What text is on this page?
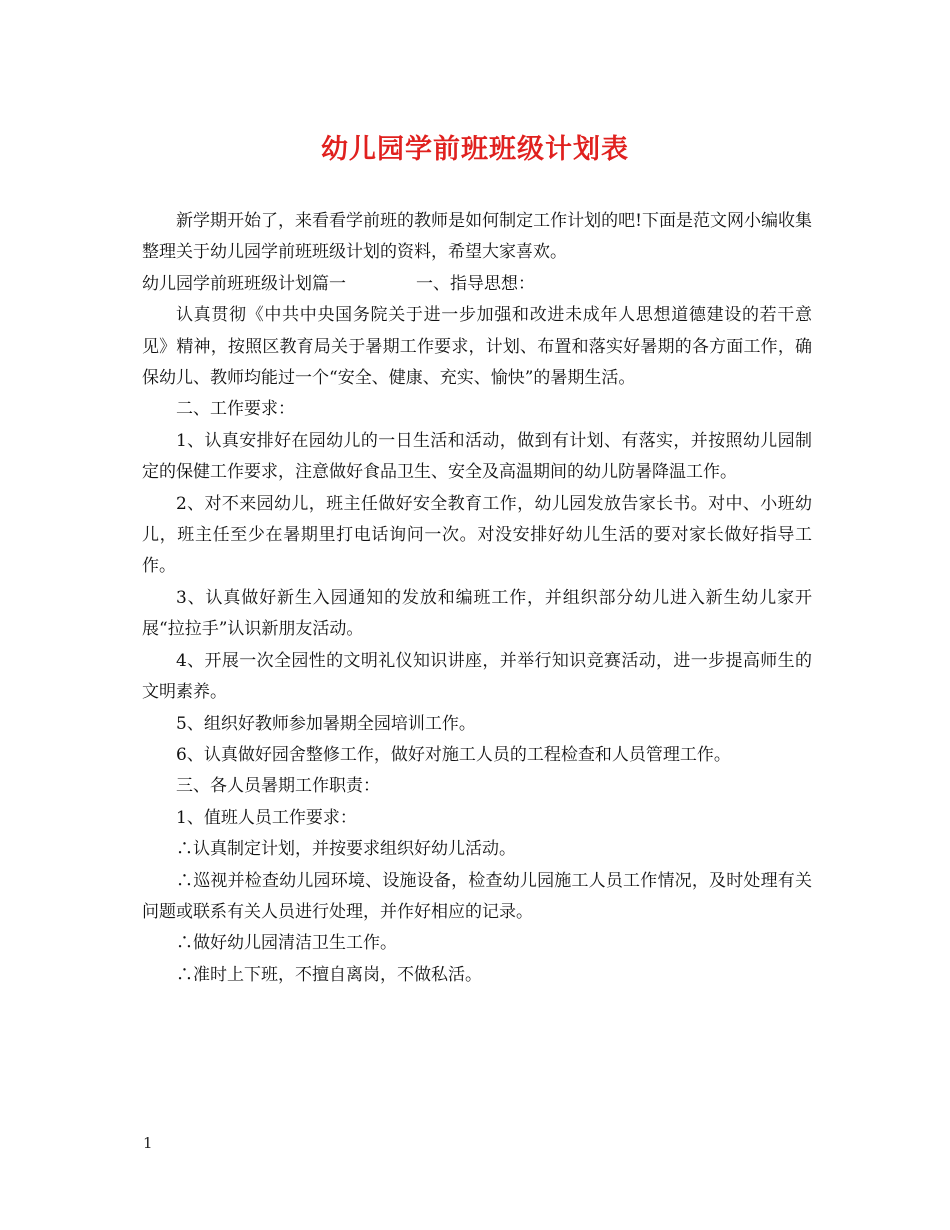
幼儿园学前班班级计划表

新学期开始了，来看看学前班的教师是如何制定工作计划的吧!下面是范文网小编收集整理关于幼儿园学前班班级计划的资料，希望大家喜欢。

幼儿园学前班班级计划篇一	一、指导思想：

认真贯彻《中共中央国务院关于进一步加强和改进未成年人思想道德建设的若干意见》精神，按照区教育局关于暑期工作要求，计划、布置和落实好暑期的各方面工作，确保幼儿、教师均能过一个“安全、健康、充实、愉快”的暑期生活。

二、工作要求：

1、认真安排好在园幼儿的一日生活和活动，做到有计划、有落实，并按照幼儿园制定的保健工作要求，注意做好食品卫生、安全及高温期间的幼儿防暑降温工作。

2、对不来园幼儿，班主任做好安全教育工作，幼儿园发放告家长书。对中、小班幼儿，班主任至少在暑期里打电话询问一次。对没安排好幼儿生活的要对家长做好指导工作。

3、认真做好新生入园通知的发放和编班工作，并组织部分幼儿进入新生幼儿家开展“拉拉手”认识新朋友活动。

4、开展一次全园性的文明礼仪知识讲座，并举行知识竞赛活动，进一步提高师生的文明素养。

5、组织好教师参加暑期全园培训工作。

6、认真做好园舍整修工作，做好对施工人员的工程检查和人员管理工作。

三、各人员暑期工作职责：

1、值班人员工作要求：

∴认真制定计划，并按要求组织好幼儿活动。

∴巡视并检查幼儿园环境、设施设备，检查幼儿园施工人员工作情况，及时处理有关问题或联系有关人员进行处理，并作好相应的记录。

∴做好幼儿园清洁卫生工作。

∴准时上下班，不擅自离岗，不做私活。

1
